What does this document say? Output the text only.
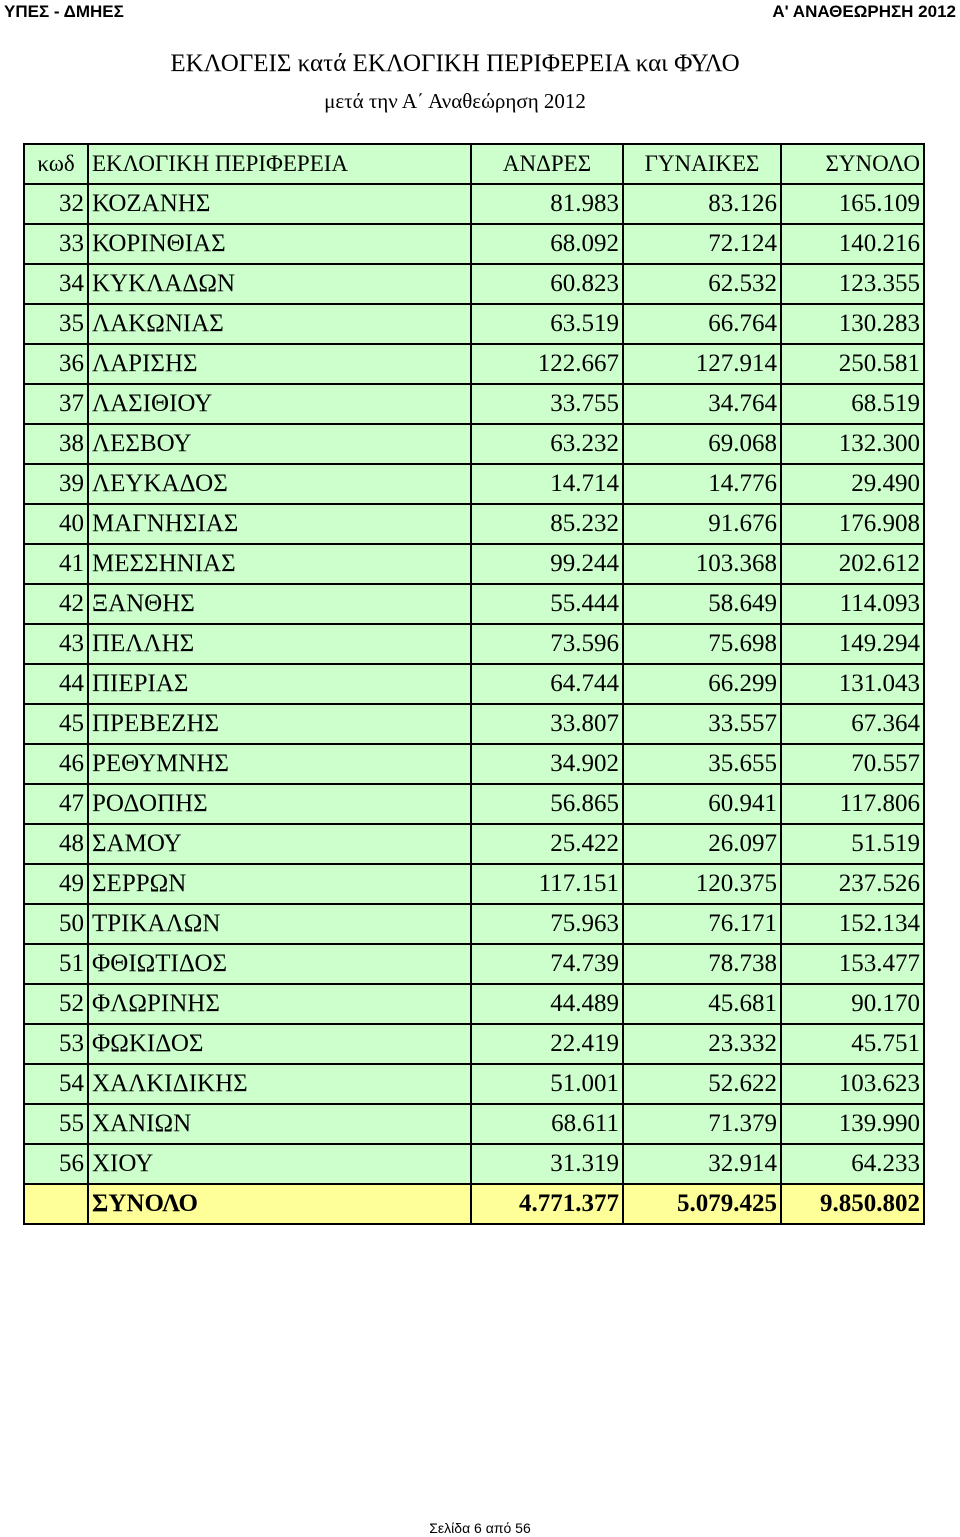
ΥΠΕΣ - ΔΜΗΕΣ	Α' ΑΝΑΘΕΩΡΗΣΗ 2012
ΕΚΛΟΓΕΙΣ κατά ΕΚΛΟΓΙΚΗ ΠΕΡΙΦΕΡΕΙΑ και ΦΥΛΟ
μετά την Α΄ Αναθεώρηση 2012
κωδ	ΕΚΛΟΓΙΚΗ ΠΕΡΙΦΕΡΕΙΑ	ΑΝΔΡΕΣ	ΓΥΝΑΙΚΕΣ	ΣΥΝΟΛΟ
32	ΚΟΖΑΝΗΣ	81.983	83.126	165.109
33	ΚΟΡΙΝΘΙΑΣ	68.092	72.124	140.216
34	ΚΥΚΛΑΔΩΝ	60.823	62.532	123.355
35	ΛΑΚΩΝΙΑΣ	63.519	66.764	130.283
36	ΛΑΡΙΣΗΣ	122.667	127.914	250.581
37	ΛΑΣΙΘΙΟΥ	33.755	34.764	68.519
38	ΛΕΣΒΟΥ	63.232	69.068	132.300
39	ΛΕΥΚΑΔΟΣ	14.714	14.776	29.490
40	ΜΑΓΝΗΣΙΑΣ	85.232	91.676	176.908
41	ΜΕΣΣΗΝΙΑΣ	99.244	103.368	202.612
42	ΞΑΝΘΗΣ	55.444	58.649	114.093
43	ΠΕΛΛΗΣ	73.596	75.698	149.294
44	ΠΙΕΡΙΑΣ	64.744	66.299	131.043
45	ΠΡΕΒΕΖΗΣ	33.807	33.557	67.364
46	ΡΕΘΥΜΝΗΣ	34.902	35.655	70.557
47	ΡΟΔΟΠΗΣ	56.865	60.941	117.806
48	ΣΑΜΟΥ	25.422	26.097	51.519
49	ΣΕΡΡΩΝ	117.151	120.375	237.526
50	ΤΡΙΚΑΛΩΝ	75.963	76.171	152.134
51	ΦΘΙΩΤΙΔΟΣ	74.739	78.738	153.477
52	ΦΛΩΡΙΝΗΣ	44.489	45.681	90.170
53	ΦΩΚΙΔΟΣ	22.419	23.332	45.751
54	ΧΑΛΚΙΔΙΚΗΣ	51.001	52.622	103.623
55	ΧΑΝΙΩΝ	68.611	71.379	139.990
56	ΧΙΟΥ	31.319	32.914	64.233
	ΣΥΝΟΛΟ	4.771.377	5.079.425	9.850.802
Σελίδα 6 από 56
